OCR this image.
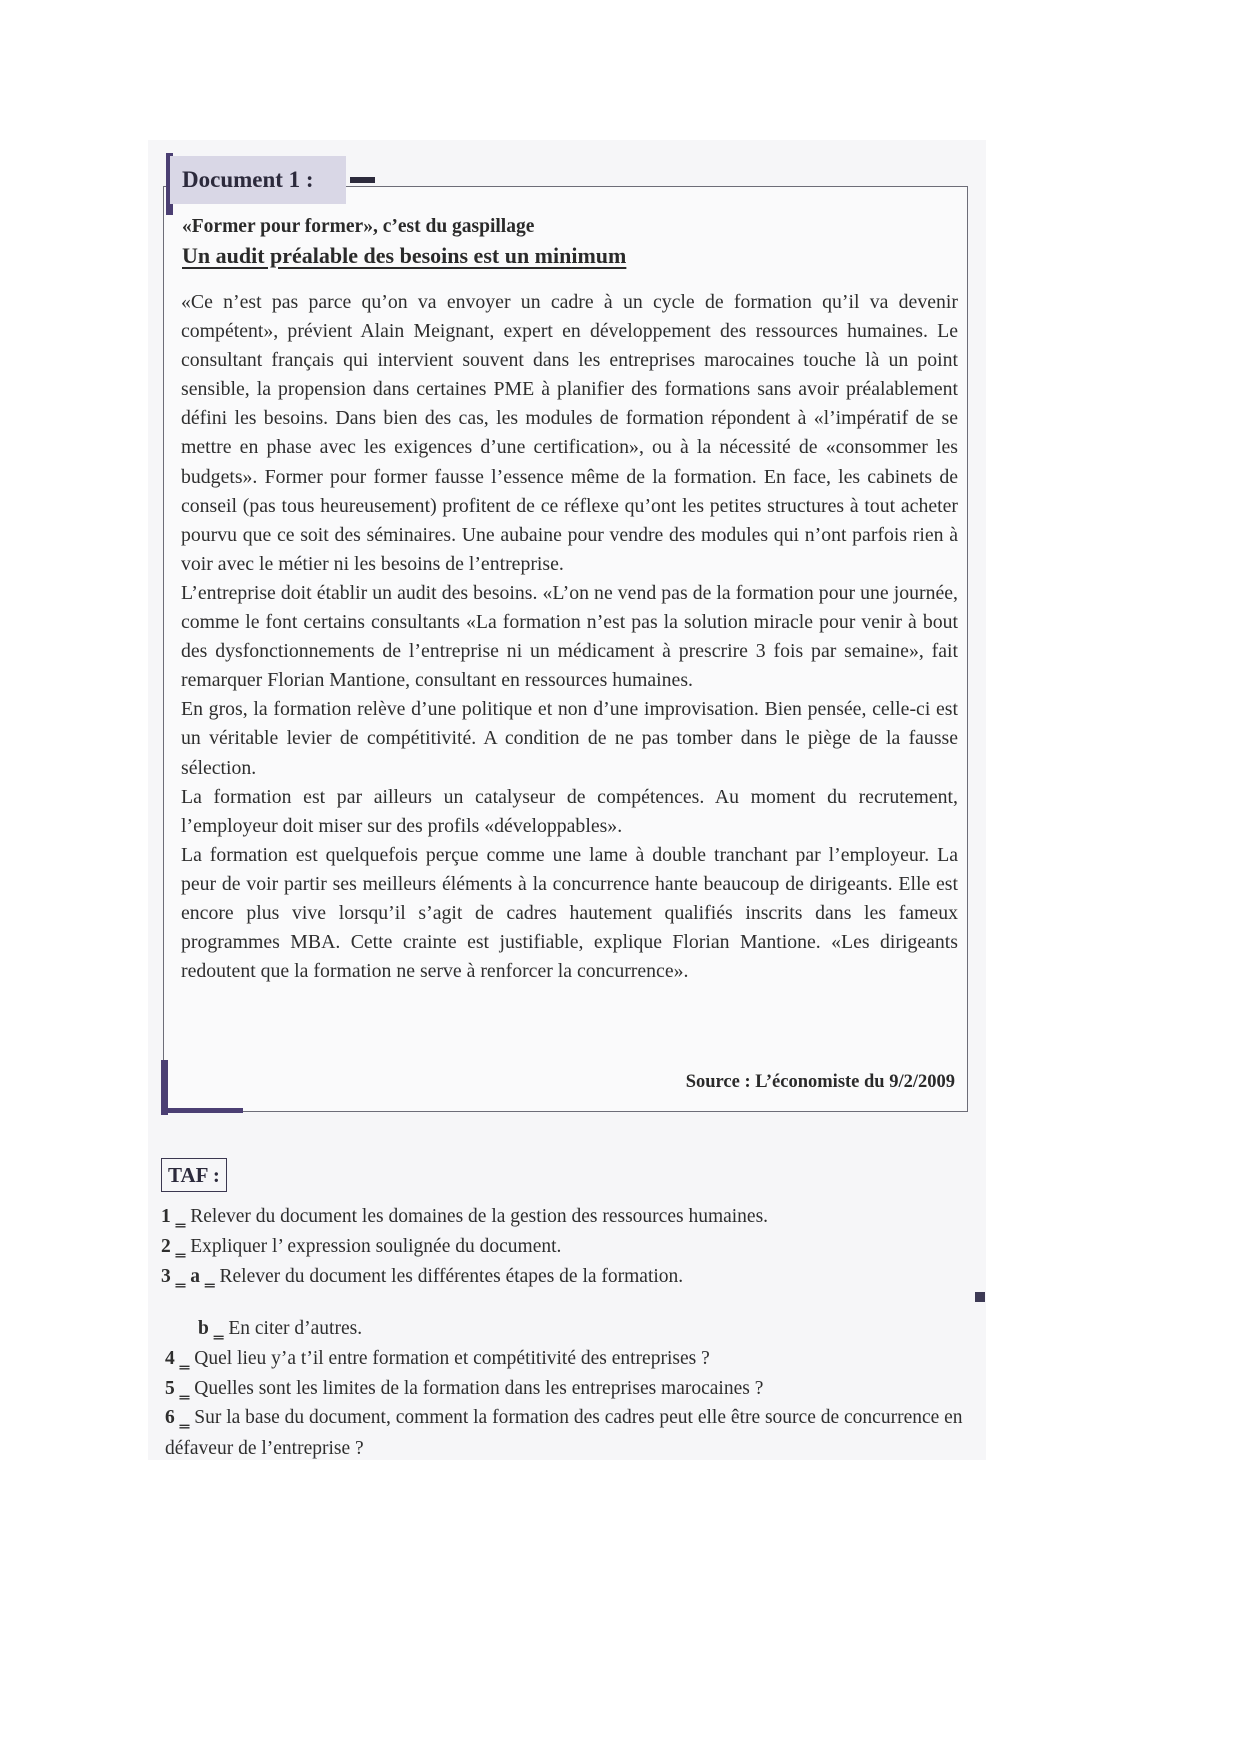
Document 1 :
«Former pour former», c’est du gaspillage
Un audit préalable des besoins est un minimum

«Ce n’est pas parce qu’on va envoyer un cadre à un cycle de formation qu’il va devenir compétent», prévient Alain Meignant, expert en développement des ressources humaines. Le consultant français qui intervient souvent dans les entreprises marocaines touche là un point sensible, la propension dans certaines PME à planifier des formations sans avoir préalablement défini les besoins. Dans bien des cas, les modules de formation répondent à «l’impératif de se mettre en phase avec les exigences d’une certification», ou à la nécessité de «consommer les budgets». Former pour former fausse l’essence même de la formation. En face, les cabinets de conseil (pas tous heureusement) profitent de ce réflexe qu’ont les petites structures à tout acheter pourvu que ce soit des séminaires. Une aubaine pour vendre des modules qui n’ont parfois rien à voir avec le métier ni les besoins de l’entreprise.

L’entreprise doit établir un audit des besoins. «L’on ne vend pas de la formation pour une journée, comme le font certains consultants «La formation n’est pas la solution miracle pour venir à bout des dysfonctionnements de l’entreprise ni un médicament à prescrire 3 fois par semaine», fait remarquer Florian Mantione, consultant en ressources humaines.

En gros, la formation relève d’une politique et non d’une improvisation. Bien pensée, celle-ci est un véritable levier de compétitivité. A condition de ne pas tomber dans le piège de la fausse sélection.

La formation est par ailleurs un catalyseur de compétences. Au moment du recrutement, l’employeur doit miser sur des profils «développables».

La formation est quelquefois perçue comme une lame à double tranchant par l’employeur. La peur de voir partir ses meilleurs éléments à la concurrence hante beaucoup de dirigeants. Elle est encore plus vive lorsqu’il s’agit de cadres hautement qualifiés inscrits dans les fameux programmes MBA. Cette crainte est justifiable, explique Florian Mantione. «Les dirigeants redoutent que la formation ne serve à renforcer la concurrence».

Source : L’économiste du 9/2/2009
TAF :
1 ‗ Relever du document les domaines de la gestion des ressources humaines.
2 ‗ Expliquer l’ expression soulignée du document.
3 ‗ a ‗ Relever du document les différentes étapes de la formation.
b ‗ En citer d’autres.
4 ‗ Quel lieu y’a t’il entre formation et compétitivité des entreprises ?
5 ‗ Quelles sont les limites de la formation dans les entreprises marocaines ?
6 ‗ Sur la base du document, comment la formation des cadres peut elle être source de concurrence en défaveur de l’entreprise ?
